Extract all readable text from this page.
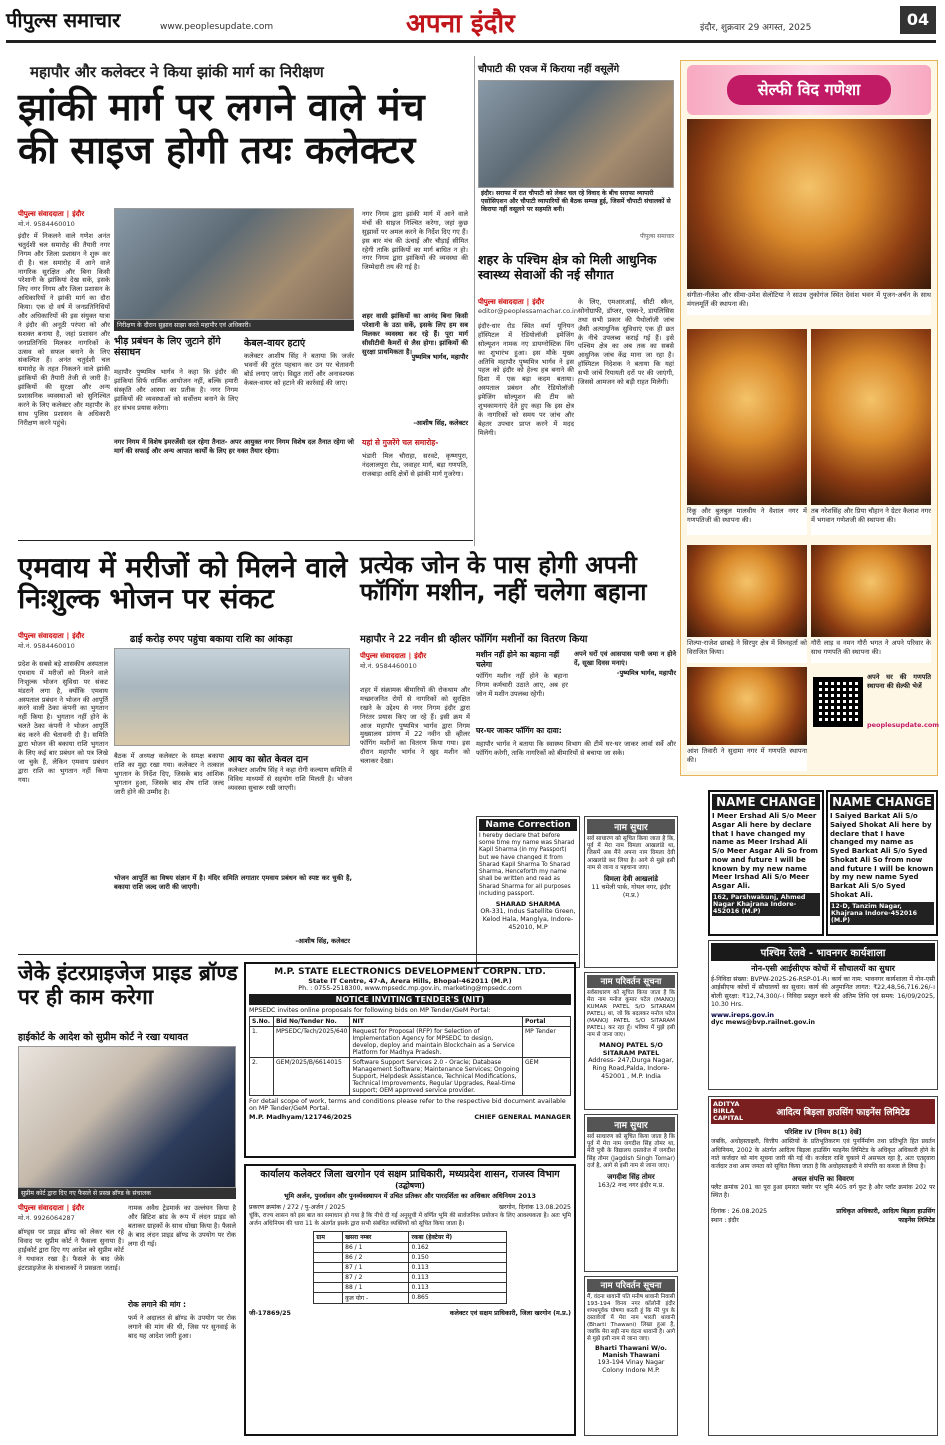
पीपुल्स समाचार	www.peoplesupdate.com	अपना इंदौर	इंदौर, शुक्रवार 29 अगस्त, 2025	04
महापौर और कलेक्टर ने किया झांकी मार्ग का निरीक्षण
झांकी मार्ग पर लगने वाले मंच की साइज होगी तयः कलेक्टर
पीपुल्स संवाददाता | इंदौर
मो.नं. 9584460010
इंदौर में निकलने वाले गणेश अनंत चतुर्दशी चल समारोह की तैयारी नगर निगम और जिला प्रशासन ने शुरू कर दी है। चल समारोह में आने वाले नागरिक सुरक्षित और बिना किसी परेशानी के झांकियां देख सकें, इसके लिए नगर निगम और जिला प्रशासन के अधिकारियों ने झांकी मार्ग का दौरा किया। एक दो वर्ष में जनप्रतिनिधियों और अधिकारियों की इस संयुक्त यात्रा ने इंदौर की अनूठी परंपरा को और सशक्त बनाया है, जहां प्रशासन और जनप्रतिनिधि मिलकर नागरिकों के उत्सव को सफल बनाने के लिए संकल्पित हैं। अनंत चतुर्दशी चल समारोह के तहत निकलने वाले झांकी झांकियों की तैयारी तेजी से जारी है। झांकियों की सुरक्षा और अन्य प्रशासनिक व्यवस्थाओं को सुनिश्चित करने के लिए कलेक्टर और महापौर के साथ पुलिस प्रशासन के अधिकारी निरीक्षण करने पहुंचे।
निरीक्षण के दौरान सुझाव साझा करते महापौर एवं अधिकारी।
नगर निगम द्वारा झांकी मार्ग में आने वाले मंचों की साइज निश्चित करेगा, जहां कुछ सुझावों पर अमल करने के निर्देश दिए गए हैं। इस बार मंच की ऊंचाई और चौड़ाई सीमित रहेगी ताकि झांकियों का मार्ग बाधित न हो। नगर निगम द्वारा झांकियों की व्यवस्था की जिम्मेदारी तय की गई है।
शहर वासी झांकियों का आनंद बिना किसी परेशानी के उठा सकें, इसके लिए हम सब मिलकर व्यवस्था कर रहे हैं। पूरा मार्ग सीसीटीवी कैमरों से लैस होगा। झांकियों की सुरक्षा प्राथमिकता है।
पुष्यमित्र भार्गव, महापौर
भीड़ प्रबंधन के लिए जुटाने होंगे संसाधन
महापौर पुष्यमित्र भार्गव ने कहा कि इंदौर की झांकियां सिर्फ धार्मिक आयोजन नहीं, बल्कि हमारी संस्कृति और आस्था का प्रतीक है। नगर निगम झांकियों की व्यवस्थाओं को सर्वोत्तम बनाने के लिए हर संभव प्रयास करेगा।
केबल-वायर हटाएं
कलेक्टर आशीष सिंह ने बताया कि जर्जर भवनों की तुरंत पहचान कर उन पर चेतावनी बोर्ड लगाए जाएं। विद्युत तारों और अनावश्यक केबल-वायर को हटाने की कार्रवाई की जाए।
-आशीष सिंह, कलेक्टर
यहां से गुजरेंगे चल समारोह-
भंडारी मिल चौराहा, सरवटे, कृष्णपुरा, नंदलालपुरा रोड, जवाहर मार्ग, बड़ा गणपति, राजबाड़ा आदि क्षेत्रों से झांकी मार्ग गुजरेगा।
नगर निगम में विशेष इमरजेंसी दल रहेगा तैनात- अपर आयुक्त नगर निगम विशेष दल तैनात रहेगा जो मार्ग की सफाई और अन्य आपात कार्यों के लिए हर वक्त तैयार रहेगा।
चौपाटी की एवज में किराया नहीं वसूलेंगे
इंदौर। सराफा में रात चौपाटी को लेकर चल रहे विवाद के बीच सराफा व्यापारी एसोसिएशन और चौपाटी व्यापारियों की बैठक सम्पन्न हुई, जिसमें चौपाटी संचालकों से किराया नहीं वसूलने पर सहमति बनी।
पीपुल्स समाचार
शहर के पश्चिम क्षेत्र को मिली आधुनिक स्वास्थ्य सेवाओं की नई सौगात
पीपुल्स संवाददाता | इंदौर
editor@peoplessamachar.co.in
इंदौर-धार रोड स्थित वर्मा यूनियन हॉस्पिटल में रेडियोलॉजी इमेजिंग सोल्यूशन नामक नए डायग्नोस्टिक विंग का शुभारंभ हुआ। इस मौके मुख्य अतिथि महापौर पुष्यमित्र भार्गव ने इस पहल को इंदौर को हेल्थ हब बनाने की दिशा में एक बड़ा कदम बताया। अस्पताल प्रबंधन और रेडियोलॉजी इमेजिंग सोल्यूशन की टीम को शुभकामनाएं देते हुए कहा कि इस क्षेत्र के नागरिकों को समय पर जांच और बेहतर उपचार प्राप्त करने में मदद मिलेगी।
के लिए, एमआरआई, सीटी स्कैन, सोनोग्राफी, डॉप्लर, एक्स-रे, डायलिसिस तथा सभी प्रकार की पैथोलॉजी जांच जैसी अत्याधुनिक सुविधाएं एक ही छत के नीचे उपलब्ध कराई गई हैं। इसे पश्चिम क्षेत्र का अब तक का सबसे आधुनिक जांच केंद्र माना जा रहा है। हॉस्पिटल निदेशक ने बताया कि यहां सभी जांचें रियायती दरों पर की जाएंगी, जिससे आमजन को बड़ी राहत मिलेगी।
सेल्फी विद गणेशा
संगीता-नीलेश और सीमा-उमेश सेलोटिया ने साउथ तुकोगंज स्थित देवांश भवन में पूजन-अर्चन के साथ मंगलमूर्ति की स्थापना की।
रिंकू और बुलबुल मालवीय ने वैशाल नगर में गणपतिजी की स्थापना की।
तब नरेशसिंह और प्रिया चौहान ने ग्रेटर कैलाश नगर में भगवान गणेशजी की स्थापना की।
शिल्पा-राजेश छाबड़े ने सिरपुर क्षेत्र में विघ्नहर्ता को विराजित किया।
गौरी लाड़ व नमन गौरी भगत ने अपने परिवार के साथ गणपति की स्थापना की।
आंश तिवारी ने सुदामा नगर में गणपति स्थापना की।
अपने घर की गणपति स्थापना की सेल्फी भेजें
peoplesupdate.com
एमवाय में मरीजों को मिलने वाले निःशुल्क भोजन पर संकट
ढाई करोड़ रुपए पहुंचा बकाया राशि का आंकड़ा
पीपुल्स संवाददाता | इंदौर
मो.नं. 9584460010
प्रदेश के सबसे बड़े शासकीय अस्पताल एमवाय में मरीजों को मिलने वाले निःशुल्क भोजन सुविधा पर संकट मंडराने लगा है, क्योंकि एमवाय अस्पताल प्रबंधन ने भोजन की आपूर्ति करने वाली ठेका कंपनी का भुगतान नहीं किया है। भुगतान नहीं होने के चलते ठेका कंपनी ने भोजन आपूर्ति बंद करने की चेतावनी दी है। समिति द्वारा भोजन की बकाया राशि भुगतान के लिए कई बार प्रबंधन को पत्र लिखे जा चुके हैं, लेकिन एमवाय प्रबंधन द्वारा राशि का भुगतान नहीं किया गया।
बैठक में अध्यक्ष कलेक्टर के समक्ष बकाया राशि का मुद्दा रखा गया। कलेक्टर ने तत्काल भुगतान के निर्देश दिए, जिसके बाद आंशिक भुगतान हुआ, जिसके बाद शेष राशि जल्द जारी होने की उम्मीद है।
आय का स्रोत केवल दान
कलेक्टर आशीष सिंह ने कहा रोगी कल्याण समिति में विविध माध्यमों से सहयोग राशि मिलती है। भोजन व्यवस्था सुचारू रखी जाएगी।
भोजन आपूर्ति का विषय संज्ञान में है। मंदिर समिति लगातार एमवाय प्रबंधन को स्पष्ट कर चुकी है, बकाया राशि जल्द जारी की जाएगी।
-आशीष सिंह, कलेक्टर
प्रत्येक जोन के पास होगी अपनी फॉगिंग मशीन, नहीं चलेगा बहाना
महापौर ने 22 नवीन थ्री व्हीलर फॉगिंग मशीनों का वितरण किया
पीपुल्स संवाददाता | इंदौर
मो.नं. 9584460010
शहर में संक्रामक बीमारियों की रोकथाम और मच्छरजनित रोगों से नागरिकों को सुरक्षित रखने के उद्देश्य से नगर निगम इंदौर द्वारा निरंतर प्रयास किए जा रहे हैं। इसी क्रम में आज महापौर पुष्यमित्र भार्गव द्वारा निगम मुख्यालय प्रांगण में 22 नवीन थ्री व्हीलर फॉगिंग मशीनों का वितरण किया गया। इस दौरान महापौर भार्गव ने खुद मशीन को चलाकर देखा।
मशीन नहीं होने का बहाना नहीं चलेगा
फॉगिंग मशीन नहीं होने के बहाना निगम कर्मचारी उठाते आए, अब हर जोन में मशीन उपलब्ध रहेगी।
अपने घरों एवं आसपास पानी जमा न होने दें, सूखा दिवस मनाएं।
-पुष्यमित्र भार्गव, महापौर
घर-घर जाकर फॉगिंग का दावा:
महापौर भार्गव ने बताया कि स्वास्थ्य विभाग की टीमें घर-घर जाकर लार्वा सर्वे और फॉगिंग करेगी, ताकि नागरिकों को बीमारियों से बचाया जा सके।
Name Correction
I hereby declare that before some time my name was Sharad Kapil Sharma (in my Passport) but we have changed it from Sharad Kapil Sharma To Sharad Sharma, Henceforth my name shall be written and read as Sharad Sharma for all purposes including passport.
SHARAD SHARMA
OR-331, Indus Satellite Green, Kelod Hala, Manglya, Indore-452010, M.P
नाम सुधार
सर्व साधारण को सूचित किया जाता है कि, पूर्व में मेरा नाम विमला आखलांडे था, जिसमें अब मैंने अपना नाम विमला देवी आखलांडे कर लिया है। आगे से मुझे इसी नाम से जाना व पहचाना जाए।
विमला देवी आखलांडे
11 चमेली पार्क, गोयल नगर, इंदौर (म.प्र.)
नाम परिवर्तन सूचना
सर्वसाधारण को सूचित किया जाता है कि मेरा नाम मनोज कुमार पटेल (MANOJ KUMAR PATEL S/O SITARAM PATEL) था, जो कि बदलकर मनोज पटेल (MANOJ PATEL S/O SITARAM PATEL) कर रहा हूँ। भविष्य में मुझे इसी नाम से जाना जाए।
MANOJ PATEL S/O SITARAM PATEL
Address- 247,Durga Nagar, Ring Road,Palda, Indore- 452001 , M.P. India
नाम सुधार
सर्व साधारण को सूचित किया जाता है कि पूर्व में मेरा नाम जगदीश सिंह तोमर था, मेरी पुत्री के विद्यालय दस्तावेज में जगदीश सिंह तोमर (Jagdish Singh Tomar) दर्ज है, आगे से इसी नाम से जाना जाए।
जगदीश सिंह तोमर
163/2 नन्द नगर इंदौर म.प्र.
नाम परिवर्तन सूचना
मैं, वंदना थावानी पति मनीष थावानी निवासी 193-194 विनय नगर कॉलोनी इंदौर शपथपूर्वक घोषणा करती हूं कि मेरे पुत्र के दस्तावेजों में मेरा नाम भारती थावानी (Bharti Thawani) लिखा हुआ है, जबकि मेरा सही नाम वंदना थावानी है। आगे से मुझे इसी नाम से जाना जाए।
Bharti Thawani W/o. Manish Thawani
193-194 Vinay Nagar Colony Indore M.P.
NAME CHANGE
I Meer Ershad Ali S/o Meer Asgar Ali here by declare that I have changed my name as Meer Irshad Ali S/o Meer Asgar Ali So from now and future I will be known by my new name Meer Irshad Ali S/o Meer Asgar Ali.
162, Parshwakunj, Ahmed Nagar Khajrana Indore-452016 (M.P)
NAME CHANGE
I Saiyed Barkat Ali S/o Saiyed Shokat Ali here by declare that I have changed my name as Syed Barkat Ali S/o Syed Shokat Ali So from now and future I will be known by my new name Syed Barkat Ali S/o Syed Shokat Ali.
12-D, Tanzim Nagar, Khajrana Indore-452016 (M.P)
पश्चिम रेलवे - भावनगर कार्यशाला
नोन-एसी आईसीएफ कोचों में सौचालयों का सुधार
ई-निविदा संख्या: BVPW-2025-26-RSP-01-R। कार्य का नाम: भावनगर कार्यशाला में नोन-एसी आईसीएफ कोचों में सौचालयों का सुधार। कार्य की अनुमानित लागत: ₹22,48,56,716.26/-। बोली सुरक्षा: ₹12,74,300/-। निविदा प्रस्तुत करने की अंतिम तिथि एवं समय: 16/09/2025, 10.30 Hrs.
www.ireps.gov.in
dyc mews@bvp.railnet.gov.in
ADITYA BIRLA CAPITAL
आदित्य बिड़ला हाउसिंग फाइनेंस लिमिटेड
परिशिष्ट IV [नियम 8(1) देखें]
जबकि, अधोहस्ताक्षरी, वित्तीय आस्तियों के प्रतिभूतिकरण एवं पुनर्निर्माण तथा प्रतिभूति हित प्रवर्तन अधिनियम, 2002 के अंतर्गत आदित्य बिड़ला हाउसिंग फाइनेंस लिमिटेड के अधिकृत अधिकारी होने के नाते कर्जदार को मांग सूचना जारी की गई थी। कर्जदार राशि चुकाने में असफल रहा है, अतः एतद्द्वारा कर्जदार तथा आम जनता को सूचित किया जाता है कि अधोहस्ताक्षरी ने संपत्ति का कब्जा ले लिया है।
अचल संपत्ति का विवरण
फ्लैट क्रमांक 201 का पूरा हुआ इमारत फ्लोर पर भूमि 405 वर्ग फुट है और प्लॉट क्रमांक 202 पर स्थित है।
दिनांक : 26.08.2025
स्थान : इंदौर
प्राधिकृत अधिकारी, आदित्य बिड़ला हाउसिंग फाइनेंस लिमिटेड
जेके इंटरप्राइजेज प्राइड ब्रॉण्ड पर ही काम करेगा
हाईकोर्ट के आदेश को सुप्रीम कोर्ट ने रखा यथावत
सुप्रीम कोर्ट द्वारा दिए गए फैसले से प्रसन्न ब्रॉण्ड के संचालक
पीपुल्स संवाददाता | इंदौर
मो.नं. 9926064287
ब्रॉण्ड्स पर प्राइड ब्रॉण्ड को लेकर चल रहे विवाद पर सुप्रीम कोर्ट ने फैसला सुनाया है। हाईकोर्ट द्वारा दिए गए आदेश को सुप्रीम कोर्ट ने यथावत रखा है। फैसले के बाद जेके इंटरप्राइजेज के संचालकों ने प्रसन्नता जताई।
नामक अवैध ट्रेडमार्क का उल्लंघन किया है और ब्रिटिश ब्रांड के रूप में लंदन प्राइड को बताकर ग्राहकों के साथ धोखा किया है। फैसले के बाद लंदन प्राइड ब्रॉण्ड के उपयोग पर रोक लगा दी गई।
रोक लगाने की मांग :
फर्म ने अदालत से ब्रॉण्ड के उपयोग पर रोक लगाने की मांग की थी, जिस पर सुनवाई के बाद यह आदेश जारी हुआ।
M.P. STATE ELECTRONICS DEVELOPMENT CORPN. LTD.
State IT Centre, 47-A, Arera Hills, Bhopal-462011 (M.P.)
Ph. : 0755-2518300, www.mpsedc.mp.gov.in, marketing@mpsedc.com
NOTICE INVITING TENDER'S (NIT)
MPSEDC invites online proposals for following bids on MP Tender/GeM Portal:
S.No.	Bid No/Tender No.	NIT	Portal
1.	MPSEDC/Tech/2025/640	Request for Proposal (RFP) for Selection of Implementation Agency for MPSEDC to design, develop, deploy and maintain Blockchain as a Service Platform for Madhya Pradesh.	MP Tender
2.	GEM/2025/B/6614015	Software Support Services 2.0 - Oracle; Database Management Software; Maintenance Services; Ongoing Support, Helpdesk Assistance, Technical Modifications, Technical Improvements, Regular Upgrades, Real-time support; OEM approved service provider.	GEM
For detail scope of work, terms and conditions please refer to the respective bid document available on MP Tender/GeM Portal.
M.P. Madhyam/121746/2025	CHIEF GENERAL MANAGER
कार्यालय कलेक्टर जिला खरगोन एवं सक्षम प्राधिकारी, मध्यप्रदेश शासन, राजस्व विभाग
(उद्घोषणा)
भूमि अर्जन, पुनर्वासन और पुनर्व्यवस्थापन में उचित प्रतिकर और पारदर्शिता का अधिकार अधिनियम 2013
प्रकरण क्रमांक / 272 / पु-अर्जन / 2025	खरगोन, दिनांक 13.08.2025
चूंकि, राज्य शासन को इस बात का समाधान हो गया है कि नीचे दी गई अनुसूची में वर्णित भूमि की सार्वजनिक प्रयोजन के लिए आवश्यकता है। अतः भूमि अर्जन अधिनियम की धारा 11 के अंतर्गत इसके द्वारा सभी संबंधित व्यक्तियों को सूचित किया जाता है।
ग्राम	खसरा नम्बर	रकबा (हेक्टेयर में)
	86 / 1	0.162
	86 / 2	0.150
	87 / 1	0.113
	87 / 2	0.113
	88 / 1	0.113
	कुल योग -	0.865
जी-17869/25	कलेक्टर एवं सक्षम प्राधिकारी, जिला खरगोन (म.प्र.)
